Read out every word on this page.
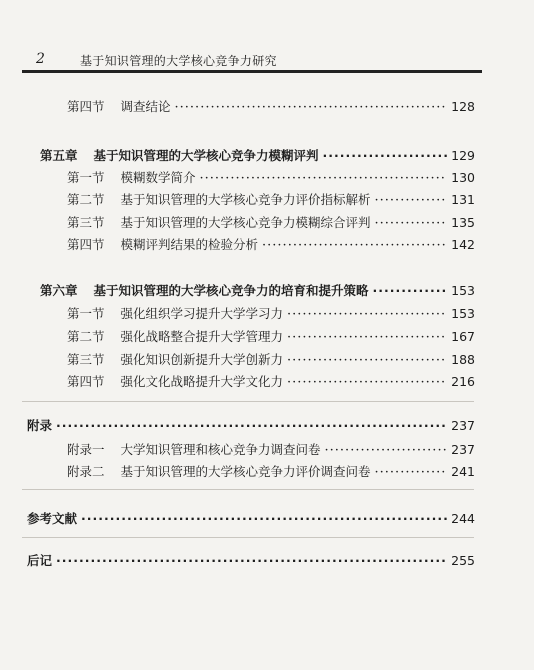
2	基于知识管理的大学核心竞争力研究
第四节 调查结论 ·····	128
第五章 基于知识管理的大学核心竞争力模糊评判 ·····	129
第一节 模糊数学简介 ·····	130
第二节 基于知识管理的大学核心竞争力评价指标解析 ·····	131
第三节 基于知识管理的大学核心竞争力模糊综合评判 ·····	135
第四节 模糊评判结果的检验分析 ·····	142
第六章 基于知识管理的大学核心竞争力的培育和提升策略 ·····	153
第一节 强化组织学习提升大学学习力 ·····	153
第二节 强化战略整合提升大学管理力 ·····	167
第三节 强化知识创新提升大学创新力 ·····	188
第四节 强化文化战略提升大学文化力 ·····	216
附录 ·····	237
附录一 大学知识管理和核心竞争力调查问卷 ·····	237
附录二 基于知识管理的大学核心竞争力评价调查问卷 ·····	241
参考文献 ·····	244
后记 ·····	255
